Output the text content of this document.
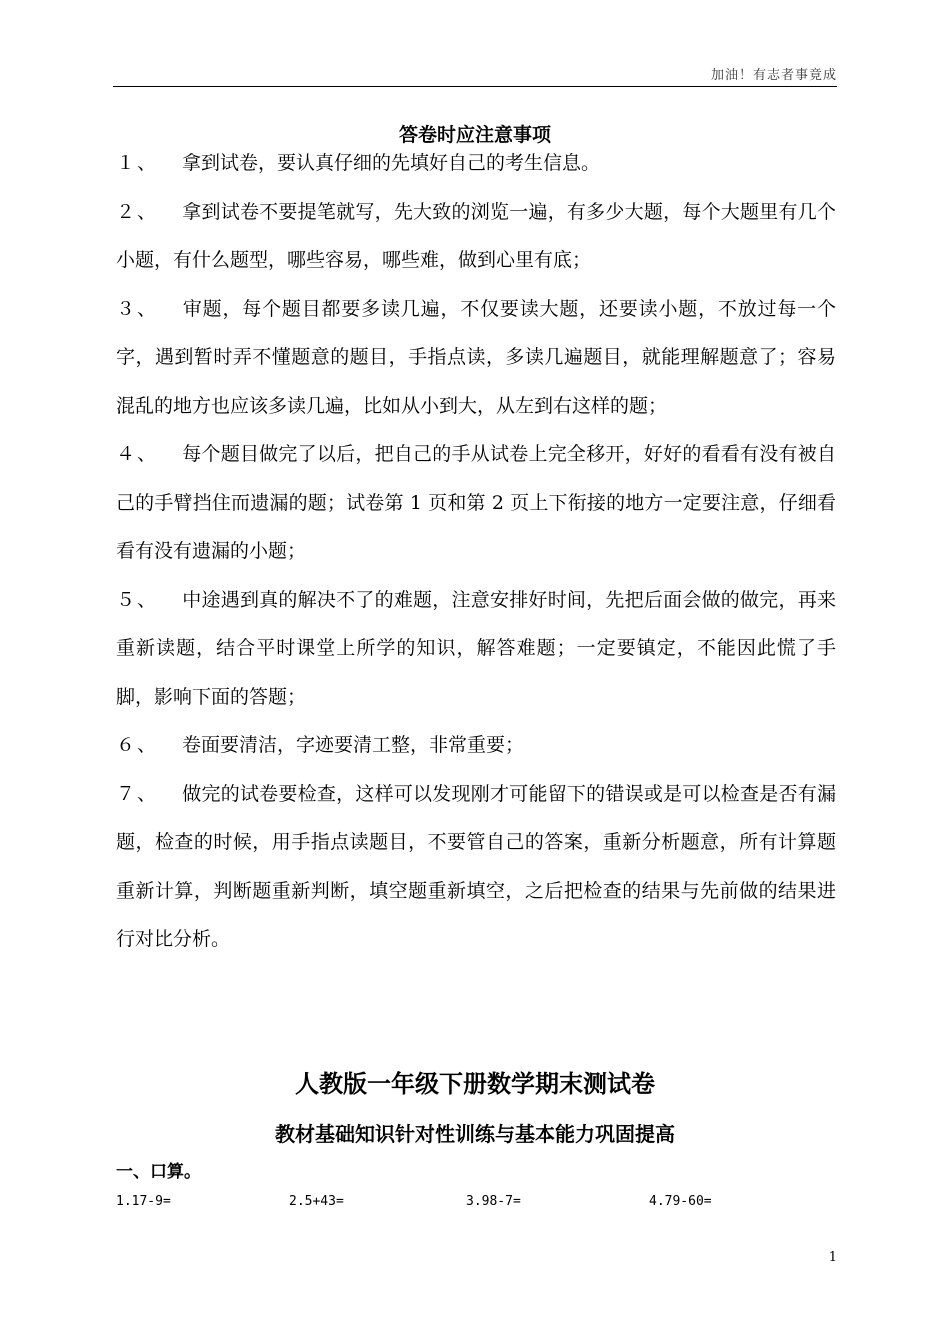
加油！有志者事竟成
答卷时应注意事项

１、 拿到试卷，要认真仔细的先填好自己的考生信息。

２、 拿到试卷不要提笔就写，先大致的浏览一遍，有多少大题，每个大题里有几个小题，有什么题型，哪些容易，哪些难，做到心里有底；

３、 审题，每个题目都要多读几遍，不仅要读大题，还要读小题，不放过每一个字，遇到暂时弄不懂题意的题目，手指点读，多读几遍题目，就能理解题意了；容易混乱的地方也应该多读几遍，比如从小到大，从左到右这样的题；

４、 每个题目做完了以后，把自己的手从试卷上完全移开，好好的看看有没有被自己的手臂挡住而遗漏的题；试卷第 1 页和第 2 页上下衔接的地方一定要注意，仔细看看有没有遗漏的小题；

５、 中途遇到真的解决不了的难题，注意安排好时间，先把后面会做的做完，再来重新读题，结合平时课堂上所学的知识，解答难题；一定要镇定，不能因此慌了手脚，影响下面的答题；

６、 卷面要清洁，字迹要清工整，非常重要；

７、 做完的试卷要检查，这样可以发现刚才可能留下的错误或是可以检查是否有漏题，检查的时候，用手指点读题目，不要管自己的答案，重新分析题意，所有计算题重新计算，判断题重新判断，填空题重新填空，之后把检查的结果与先前做的结果进行对比分析。

人教版一年级下册数学期末测试卷
教材基础知识针对性训练与基本能力巩固提高
一、口算。
1.17-9=	2.5+43=	3.98-7=	4.79-60=
1
